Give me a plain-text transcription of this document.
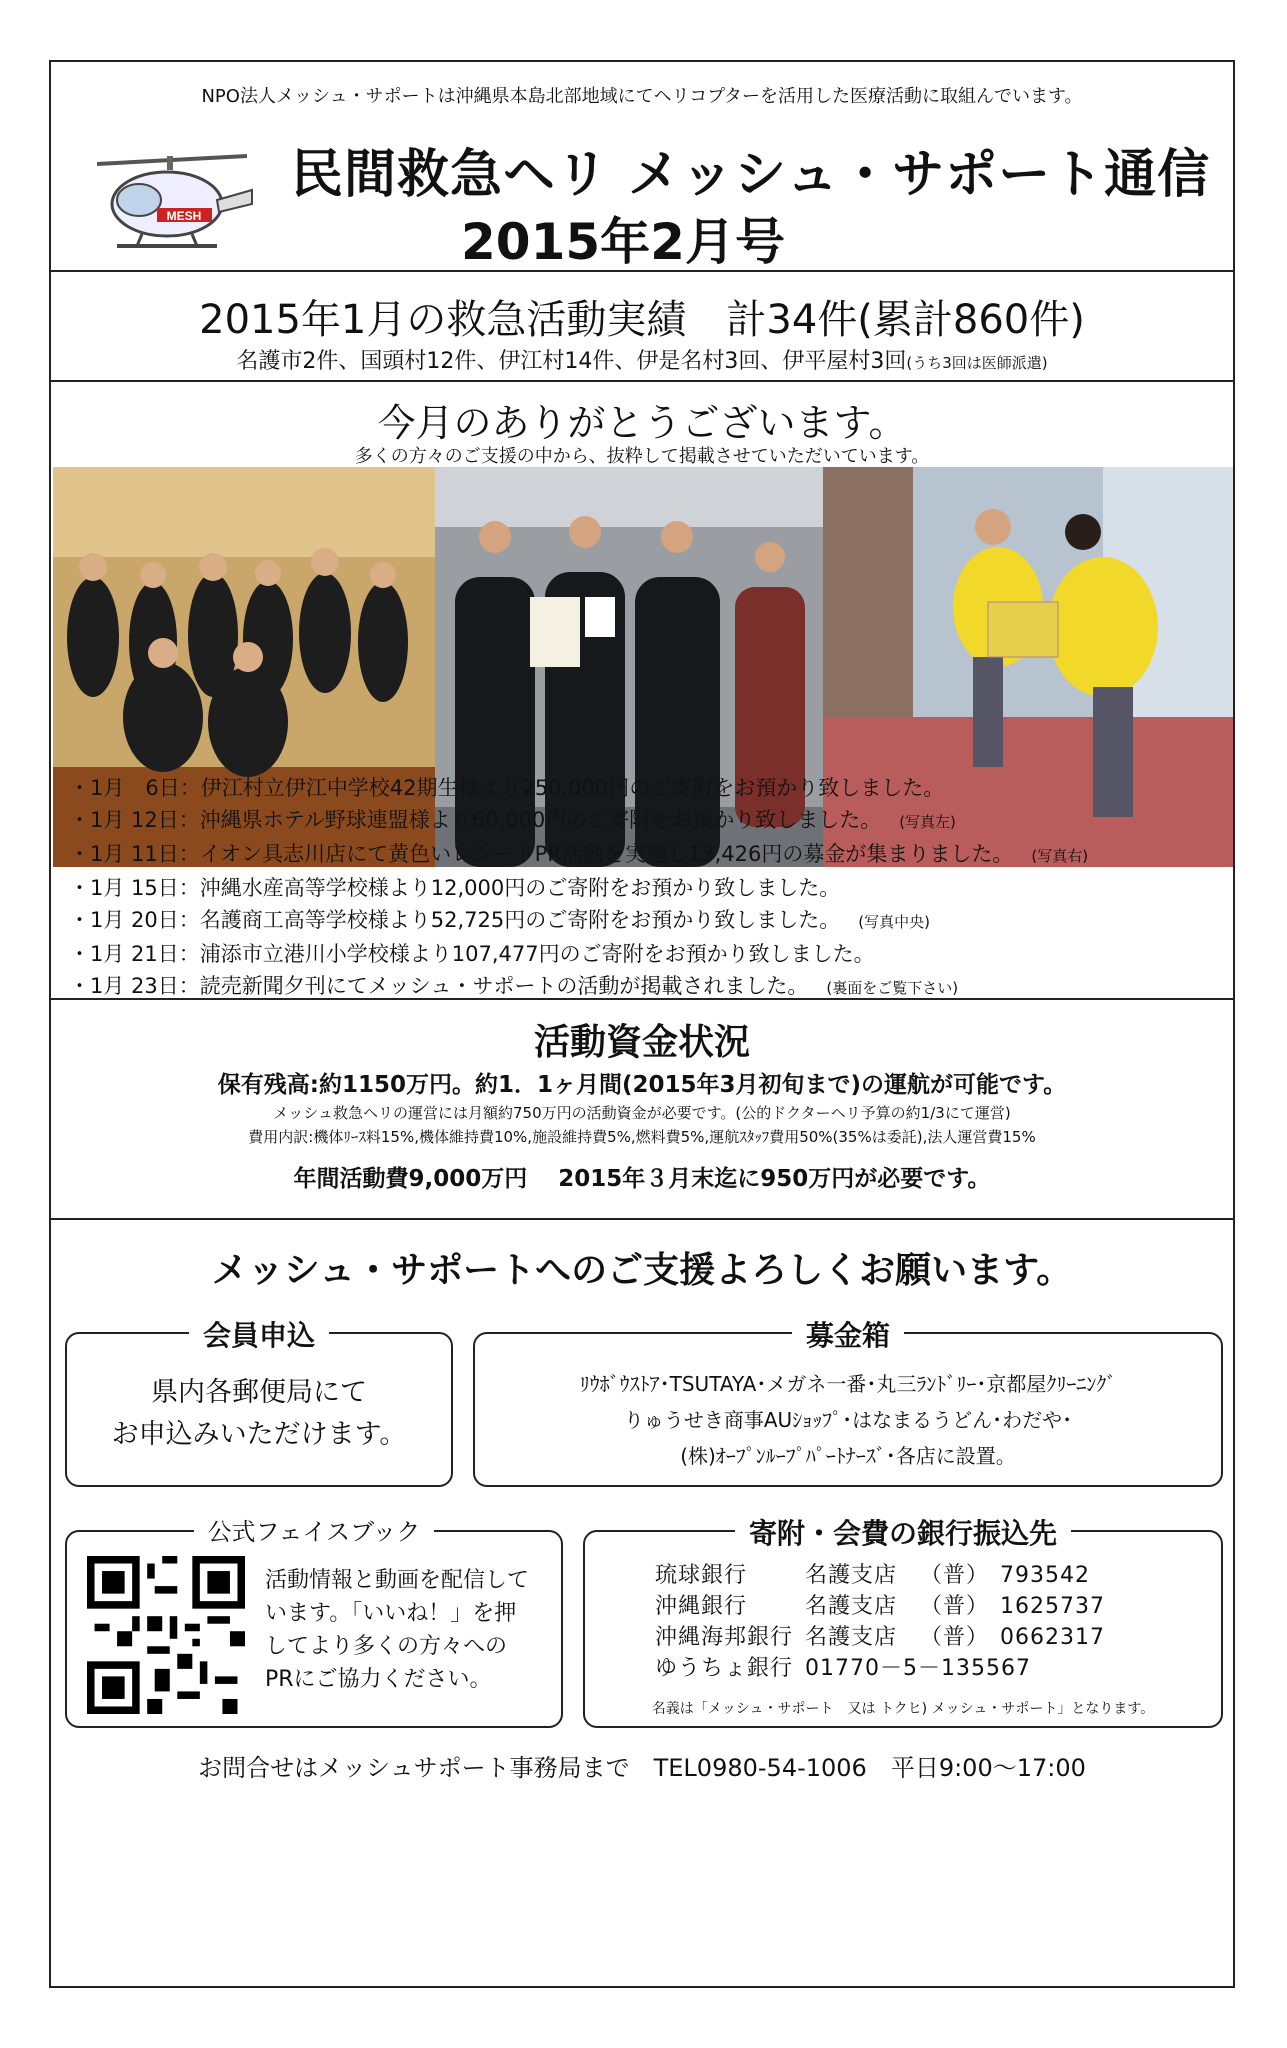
NPO法人メッシュ・サポートは沖縄県本島北部地域にてヘリコプターを活用した医療活動に取組んでいます。
MESH
民間救急ヘリ メッシュ・サポート通信
2015年2月号
2015年1月の救急活動実績　計34件(累計860件)
名護市2件、国頭村12件、伊江村14件、伊是名村3回、伊平屋村3回(うち3回は医師派遣)
今月のありがとうございます。
多くの方々のご支援の中から、抜粋して掲載させていただいています。
・1月　6日：伊江村立伊江中学校42期生様より250,000円のご寄附をお預かり致しました。
・1月 12日：沖縄県ホテル野球連盟様より60,000円のご寄附をお預かり致しました。 (写真左)
・1月 11日：イオン具志川店にて黄色いレシートPR活動を実施し13,426円の募金が集まりました。 (写真右)
・1月 15日：沖縄水産高等学校様より12,000円のご寄附をお預かり致しました。
・1月 20日：名護商工高等学校様より52,725円のご寄附をお預かり致しました。 (写真中央)
・1月 21日：浦添市立港川小学校様より107,477円のご寄附をお預かり致しました。
・1月 23日：読売新聞夕刊にてメッシュ・サポートの活動が掲載されました。 (裏面をご覧下さい)
活動資金状況
保有残高:約1150万円。約1．1ヶ月間(2015年3月初旬まで)の運航が可能です。
メッシュ救急ヘリの運営には月額約750万円の活動資金が必要です。(公的ドクターヘリ予算の約1/3にて運営)
費用内訳:機体ﾘｰｽ料15%,機体維持費10%,施設維持費5%,燃料費5%,運航ｽﾀｯﾌ費用50%(35%は委託),法人運営費15%
年間活動費9,000万円　 2015年３月末迄に950万円が必要です。
メッシュ・サポートへのご支援よろしくお願います。
会員申込
県内各郵便局にて
お申込みいただけます。
募金箱
ﾘｳﾎﾞｳｽﾄｱ･TSUTAYA･メガネ一番･丸三ﾗﾝﾄﾞﾘｰ･京都屋ｸﾘｰﾆﾝｸﾞ
りゅうせき商事AUｼｮｯﾌﾟ･はなまるうどん･わだや･
(株)ｵｰﾌﾟﾝﾙｰﾌﾟﾊﾟｰﾄﾅｰｽﾞ･各店に設置。
公式フェイスブック
活動情報と動画を配信して
います。「いいね！」を押
してより多くの方々への
PRにご協力ください。
寄附・会費の銀行振込先
琉球銀行	名護支店	（普） 793542
沖縄銀行	名護支店	（普） 1625737
沖縄海邦銀行 名護支店	（普） 0662317
ゆうちょ銀行 01770－5－135567
名義は「メッシュ・サポート　又は トクヒ) メッシュ・サポート」となります。
お問合せはメッシュサポート事務局まで　TEL0980-54-1006　平日9:00～17:00
